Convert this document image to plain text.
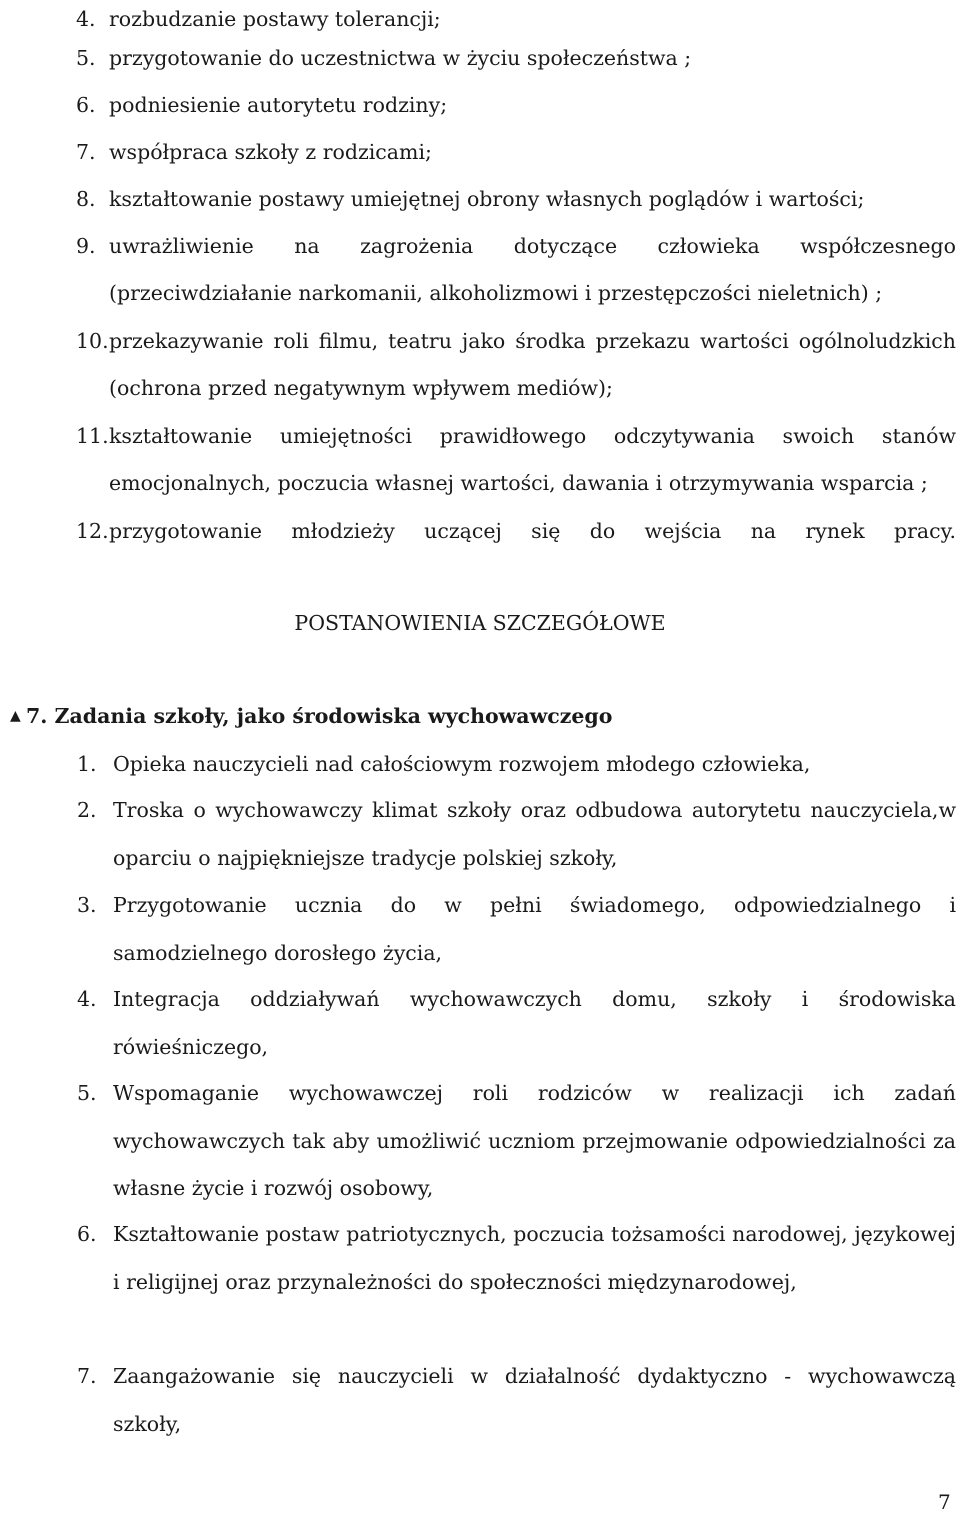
4. rozbudzanie postawy tolerancji;
5. przygotowanie do uczestnictwa w życiu społeczeństwa ;
6. podniesienie autorytetu rodziny;
7. współpraca szkoły z rodzicami;
8. kształtowanie postawy umiejętnej obrony własnych poglądów i wartości;
9. uwrażliwienie na zagrożenia dotyczące człowieka współczesnego (przeciwdziałanie narkomanii, alkoholizmowi i przestępczości nieletnich) ;
10. przekazywanie roli filmu, teatru jako środka przekazu wartości ogólnoludzkich (ochrona przed negatywnym wpływem mediów);
11. kształtowanie umiejętności prawidłowego odczytywania swoich stanów emocjonalnych, poczucia własnej wartości, dawania i otrzymywania wsparcia ;
12. przygotowanie młodzieży uczącej się do wejścia na rynek pracy.
POSTANOWIENIA SZCZEGÓŁOWE
▲ 7. Zadania szkoły, jako środowiska wychowawczego
1. Opieka nauczycieli nad całościowym rozwojem młodego człowieka,
2. Troska o wychowawczy klimat szkoły oraz odbudowa autorytetu nauczyciela,w oparciu o najpiękniejsze tradycje polskiej szkoły,
3. Przygotowanie ucznia do w pełni świadomego, odpowiedzialnego i samodzielnego dorosłego życia,
4. Integracja oddziaływań wychowawczych domu, szkoły i środowiska rówieśniczego,
5. Wspomaganie wychowawczej roli rodziców w realizacji ich zadań wychowawczych tak aby umożliwić uczniom przejmowanie odpowiedzialności za własne życie i rozwój osobowy,
6. Kształtowanie postaw patriotycznych, poczucia tożsamości narodowej, językowej i religijnej oraz przynależności do społeczności międzynarodowej,
7. Zaangażowanie się nauczycieli w działalność dydaktyczno - wychowawczą szkoły,
7
